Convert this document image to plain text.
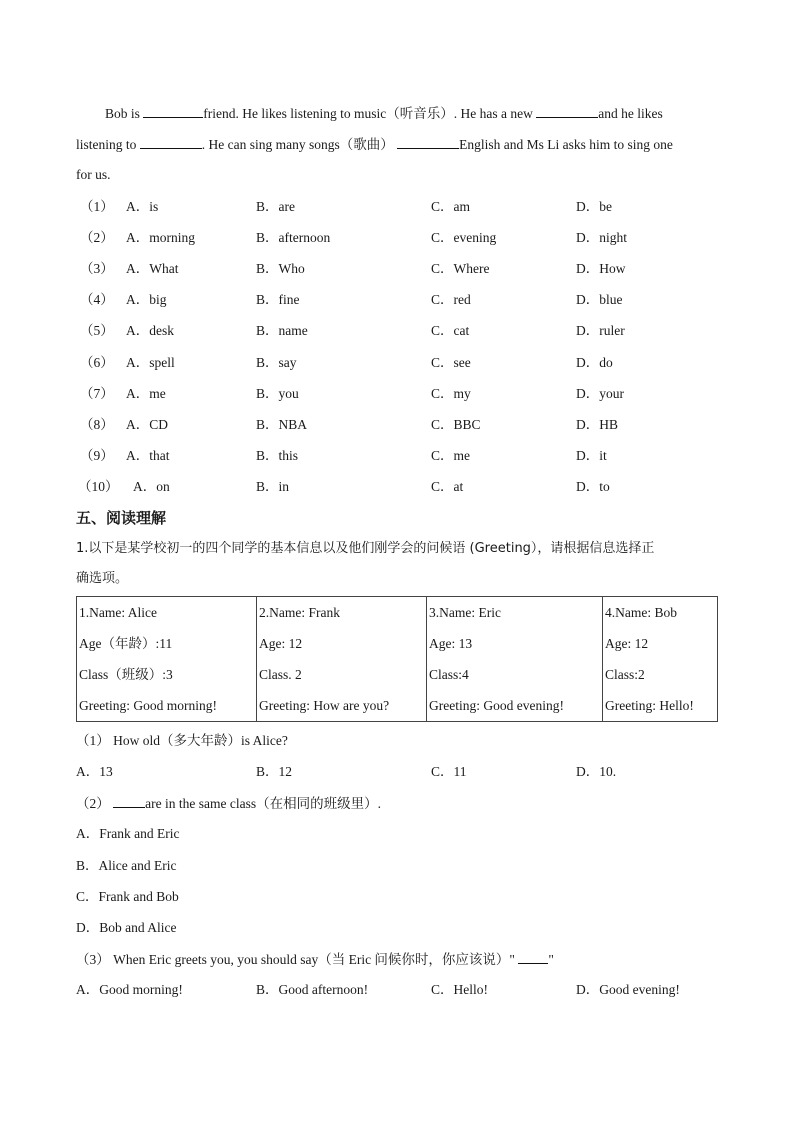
Bob is	friend. He likes listening to music（听音乐）. He has a new	and he likes
listening to	. He can sing many songs（歌曲）	English and Ms Li asks him to sing one
for us.
（1） A．is	B．are	C．am	D．be
（2） A．morning	B．afternoon	C．evening	D．night
（3） A．What	B．Who	C．Where	D．How
（4） A．big	B．fine	C．red	D．blue
（5） A．desk	B．name	C．cat	D．ruler
（6） A．spell	B．say	C．see	D．do
（7） A．me	B．you	C．my	D．your
（8） A．CD	B．NBA	C．BBC	D．HB
（9） A．that	B．this	C．me	D．it
（10） A．on	B．in	C．at	D．to
五、阅读理解
1.以下是某学校初一的四个同学的基本信息以及他们刚学会的问候语 (Greeting），请根据信息选择正
确选项。
1.Name: Alice
Age（年龄）:11
Class（班级）:3
Greeting: Good morning!

2.Name: Frank
Age: 12
Class. 2
Greeting: How are you?

3.Name: Eric
Age: 13
Class:4
Greeting: Good evening!

4.Name: Bob
Age: 12
Class:2
Greeting: Hello!
（1） How old（多大年龄）is Alice?
A．13	B．12	C．11	D．10.
（2） are in the same class（在相同的班级里）.
A．Frank and Eric
B．Alice and Eric
C．Frank and Bob
D．Bob and Alice
（3） When Eric greets you, you should say（当 Eric 问候你时，你应该说）" "
A．Good morning!	B．Good afternoon!	C．Hello!	D．Good evening!
